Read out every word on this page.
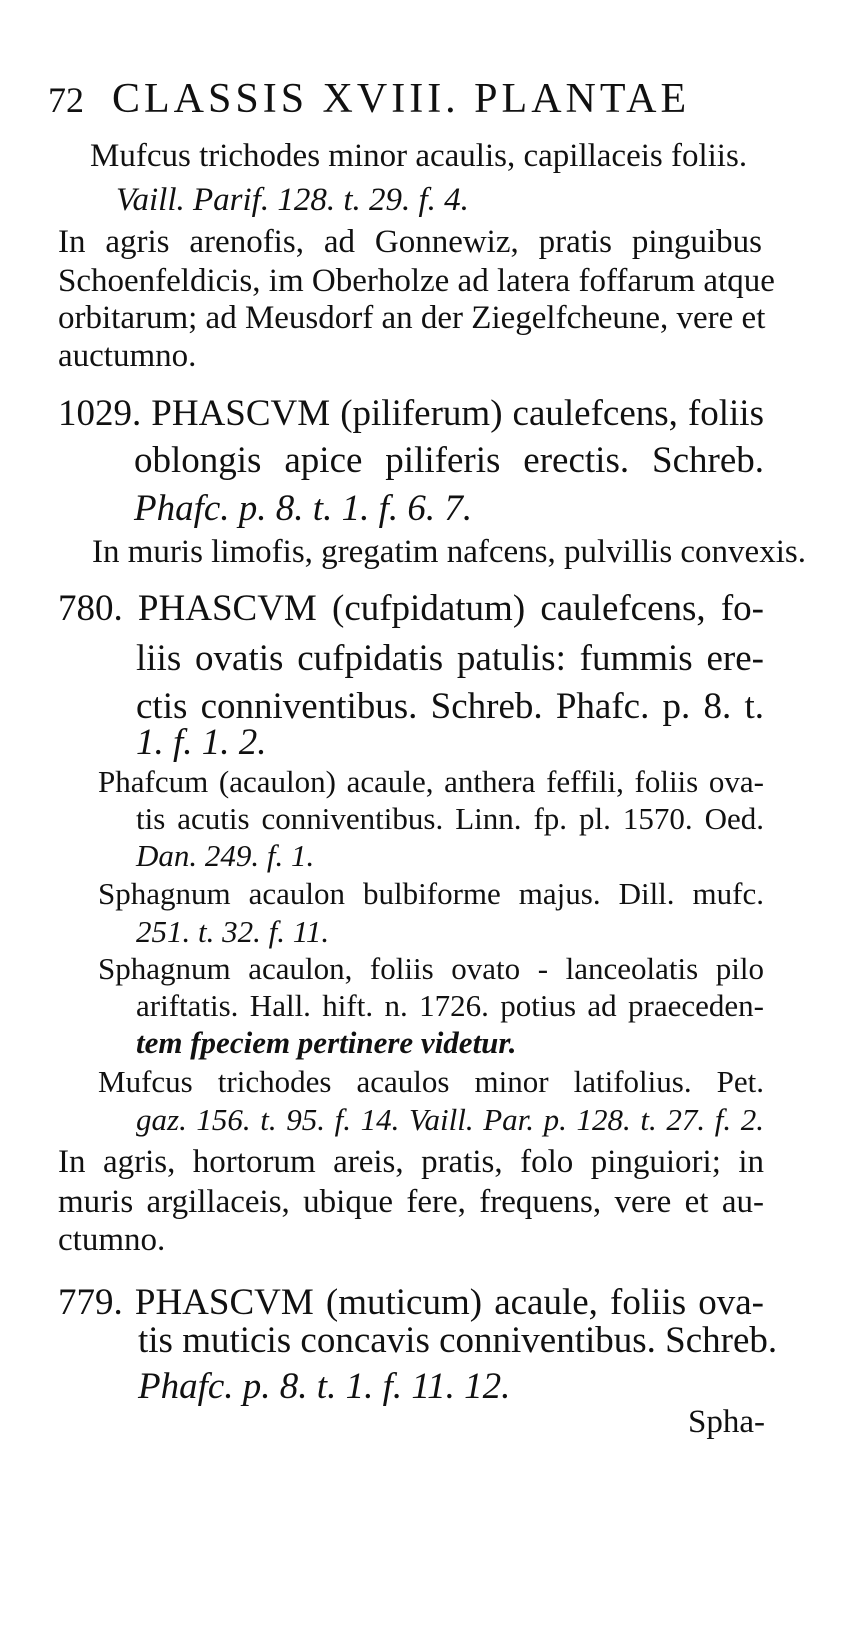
72 CLASSIS XVIII. PLANTAE
Mufcus trichodes minor acaulis, capillaceis foliis.
Vaill. Parif. 128. t. 29. f. 4.
In agris arenofis, ad Gonnewiz, pratis pinguibus
Schoenfeldicis, im Oberholze ad latera foffarum atque
orbitarum; ad Meusdorf an der Ziegelfcheune, vere et
auctumno.
1029. PHASCVM (piliferum) caulefcens, foliis
oblongis apice piliferis erectis. Schreb.
Phafc. p. 8. t. 1. f. 6. 7.
In muris limofis, gregatim nafcens, pulvillis convexis.
780. PHASCVM (cufpidatum) caulefcens, fo-
liis ovatis cufpidatis patulis: fummis ere-
ctis conniventibus. Schreb. Phafc. p. 8. t.
1. f. 1. 2.
Phafcum (acaulon) acaule, anthera feffili, foliis ova-
tis acutis conniventibus. Linn. fp. pl. 1570. Oed.
Dan. 249. f. 1.
Sphagnum acaulon bulbiforme majus. Dill. mufc.
251. t. 32. f. 11.
Sphagnum acaulon, foliis ovato - lanceolatis pilo
ariftatis. Hall. hift. n. 1726. potius ad praeceden-
tem fpeciem pertinere videtur.
Mufcus trichodes acaulos minor latifolius. Pet.
gaz. 156. t. 95. f. 14. Vaill. Par. p. 128. t. 27. f. 2.
In agris, hortorum areis, pratis, folo pinguiori; in
muris argillaceis, ubique fere, frequens, vere et au-
ctumno.
779. PHASCVM (muticum) acaule, foliis ova-
tis muticis concavis conniventibus. Schreb.
Phafc. p. 8. t. 1. f. 11. 12.
Spha-
